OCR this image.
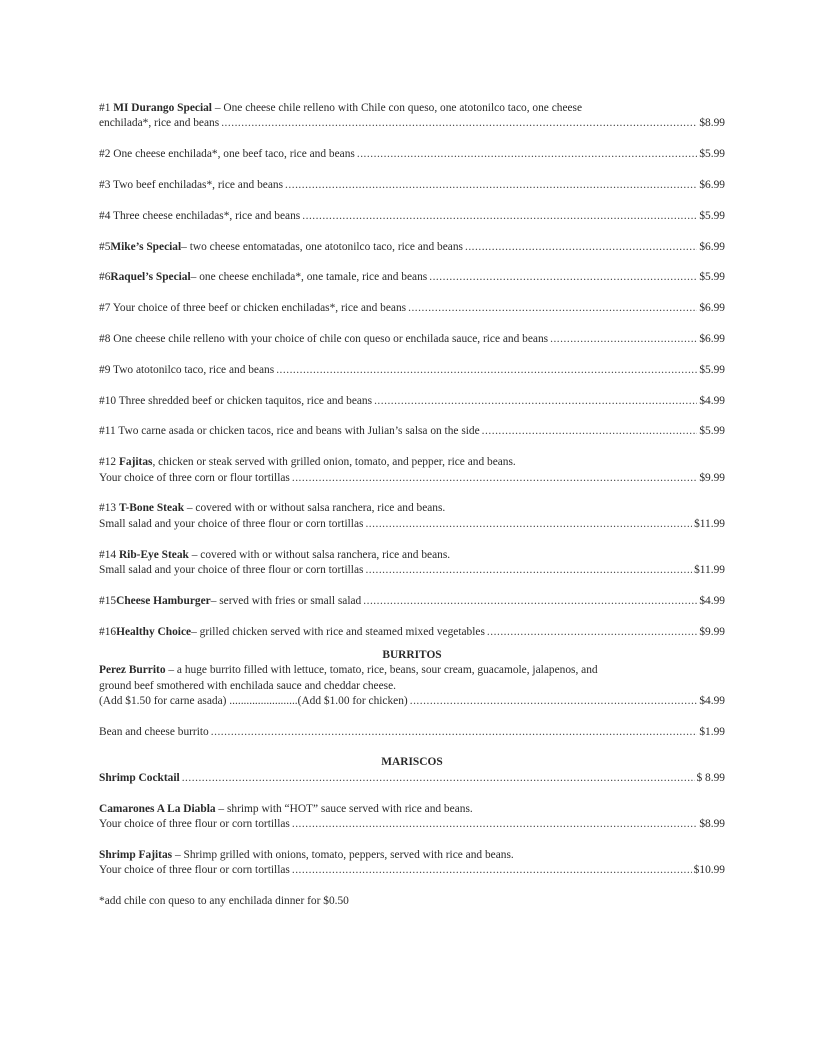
#1 MI Durango Special – One cheese chile relleno with Chile con queso, one atotonilco taco, one cheese
enchilada*, rice and beans .....	$8.99
#2 One cheese enchilada*, one beef taco, rice and beans .....	$5.99
#3 Two beef enchiladas*, rice and beans .....	$6.99
#4 Three cheese enchiladas*, rice and beans .....	$5.99
#5 Mike’s Special – two cheese entomatadas, one atotonilco taco, rice and beans .....	$6.99
#6 Raquel’s Special – one cheese enchilada*, one tamale, rice and beans .....	$5.99
#7 Your choice of three beef or chicken enchiladas*, rice and beans .....	$6.99
#8 One cheese chile relleno with your choice of chile con queso or enchilada sauce, rice and beans .....	$6.99
#9 Two atotonilco taco, rice and beans .....	$5.99
#10 Three shredded beef or chicken taquitos, rice and beans .....	$4.99
#11 Two carne asada or chicken tacos, rice and beans with Julian’s salsa on the side .....	$5.99
#12 Fajitas, chicken or steak served with grilled onion, tomato, and pepper, rice and beans.
Your choice of three corn or flour tortillas .....	$9.99
#13 T-Bone Steak – covered with or without salsa ranchera, rice and beans.
Small salad and your choice of three flour or corn tortillas .....	$11.99
#14 Rib-Eye Steak – covered with or without salsa ranchera, rice and beans.
Small salad and your choice of three flour or corn tortillas .....	$11.99
#15 Cheese Hamburger – served with fries or small salad .....	$4.99
#16 Healthy Choice – grilled chicken served with rice and steamed mixed vegetables .....	$9.99
BURRITOS
Perez Burrito – a huge burrito filled with lettuce, tomato, rice, beans, sour cream, guacamole, jalapenos, and
ground beef smothered with enchilada sauce and cheddar cheese.
(Add $1.50 for carne asada) ........................ (Add $1.00 for chicken) .....	$4.99
Bean and cheese burrito .....	$1.99
MARISCOS
Shrimp Cocktail .....	$ 8.99
Camarones A La Diabla – shrimp with “HOT” sauce served with rice and beans.
Your choice of three flour or corn tortillas .....	$8.99
Shrimp Fajitas – Shrimp grilled with onions, tomato, peppers, served with rice and beans.
Your choice of three flour or corn tortillas .....	$10.99
*add chile con queso to any enchilada dinner for $0.50
